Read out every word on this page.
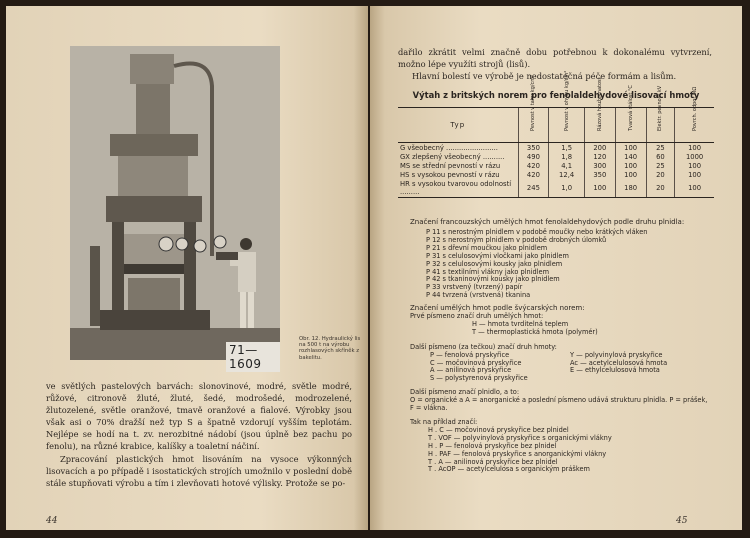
71—1609
Obr. 12. Hydraulický lis na 500 t na výrobu rozhlasových skříněk z bakelitu.

ve světlých pastelových barvách: slonovinové, modré, světle modré, růžové, citronově žluté, žluté, šedé, modrošedé, modrozelené, žlutozelené, světle oranžové, tmavě oranžové a fialové. Výrobky jsou však asi o 70% dražší než typ S a špatně vzdorují vyšším teplotám. Nejlépe se hodí na t. zv. nerozbitné nádobí (jsou úplně bez pachu po fenolu), na různé krabice, kalíšky a toaletní náčiní.

Zpracování plastických hmot lisováním na vysoce výkonných lisovacích a po případě i isostatických strojích umožnilo v poslední době stále stupňovati výrobu a tím i zlevňovati hotové výlisky. Protože se po-

44

dařilo zkrátit velmi značně dobu potřebnou k dokonalému vytvrzení, možno lépe využíti strojů (lisů).

Hlavní bolestí ve výrobě je nedostatečná péče formám a lisům.

Výtah z britských norem pro fenolaldehydové lisovací hmoty
Typ	Pevnost v tahu kg/cm²	Pevnost v ohybu kg/cm²	Rázová houževnatost	Tvarová stálost °C	Elektr. pevnost kV	Povrch. odpor MΩ
G všeobecný ........................	350	1,5	200	100	25	100
GX zlepšený všeobecný ..........	490	1,8	120	140	60	1000
MS se střední pevností v rázu	420	4,1	300	100	25	100
HS s vysokou pevností v rázu	420	12,4	350	100	20	100
HR s vysokou tvarovou odolností .........	245	1,0	100	180	20	100

Značení francouzských umělých hmot fenolaldehydových podle druhu plnidla:

P 11 s nerostným plnidlem v podobě moučky nebo krátkých vláken

P 12 s nerostným plnidlem v podobě drobných úlomků

P 21 s dřevní moučkou jako plnidlem

P 31 s celulosovými vločkami jako plnidlem

P 32 s celulosovými kousky jako plnidlem

P 41 s textilními vlákny jako plnidlem

P 42 s tkaninovými kousky jako plnidlem

P 33 vrstvený (tvrzený) papír

P 44 tvrzená (vrstvená) tkanina

Značení umělých hmot podle švýcarských norem:

Prvé písmeno značí druh umělých hmot:

H — hmota tvrditelná teplem

T — thermoplastická hmota (polymér)

Další písmeno (za tečkou) značí druh hmoty:

P — fenolová pryskyřice

C — močovinová pryskyřice

A — anilinová pryskyřice

S — polystyrenová pryskyřice

Y — polyvinylová pryskyřice

Ac — acetylcelulosová hmota

E — ethylcelulosová hmota

Další písmeno značí plnidlo, a to:

O = organické a A = anorganické a poslední písmeno udává strukturu plnidla. P = prášek, F = vlákna.

Tak na příklad značí:

H . C — močovinová pryskyřice bez plnidel

T . VOF — polyvinylová pryskyřice s organickými vlákny

H . P — fenolová pryskyřice bez plnidel

H . PAF — fenolová pryskyřice s anorganickými vlákny

T . A — anilinová pryskyřice bez plnidel

T . AcOP — acetylcelulosa s organickým práškem

45
